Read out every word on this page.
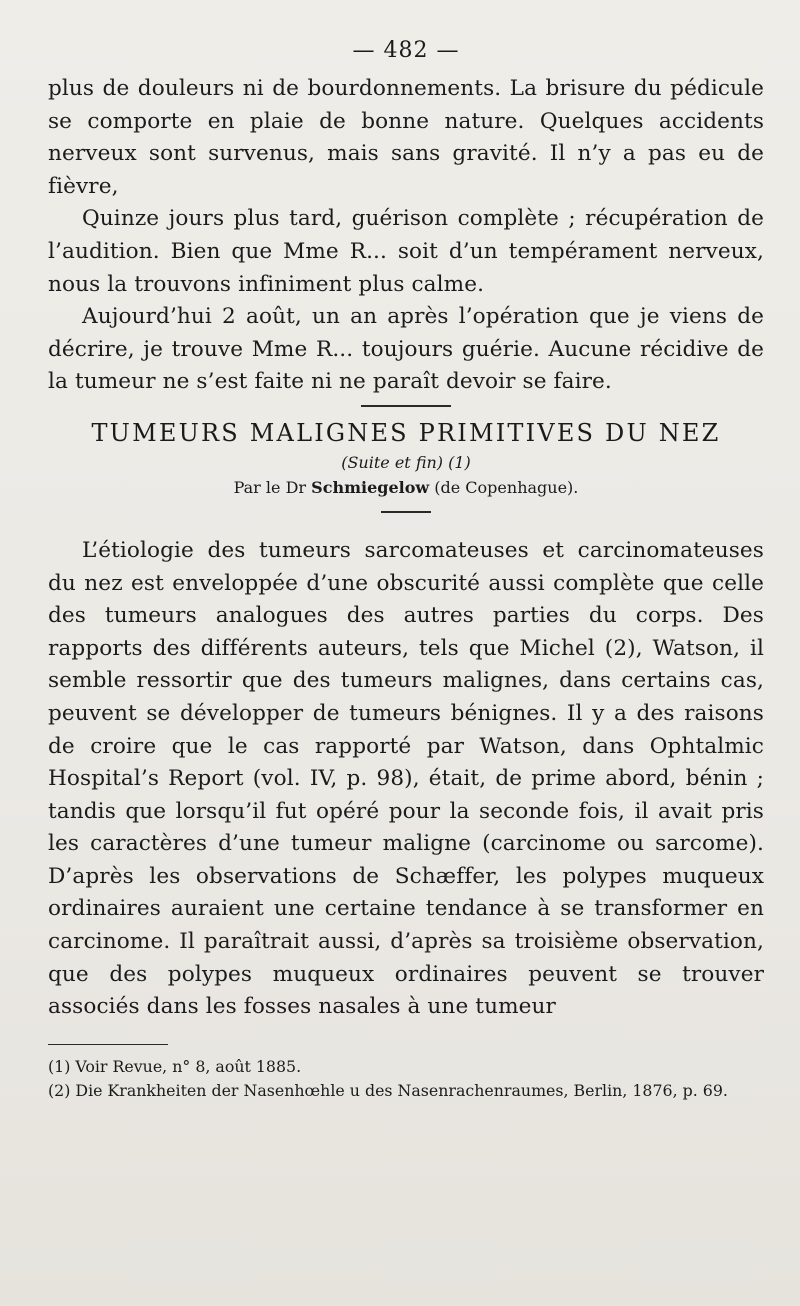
— 482 —

plus de douleurs ni de bourdonnements. La brisure du pédicule se comporte en plaie de bonne nature. Quelques accidents nerveux sont survenus, mais sans gravité. Il n’y a pas eu de fièvre,

Quinze jours plus tard, guérison complète ; récupération de l’audition. Bien que Mme R... soit d’un tempérament nerveux, nous la trouvons infiniment plus calme.

Aujourd’hui 2 août, un an après l’opération que je viens de décrire, je trouve Mme R... toujours guérie. Aucune récidive de la tumeur ne s’est faite ni ne paraît devoir se faire.

TUMEURS MALIGNES PRIMITIVES DU NEZ
(Suite et fin) (1)
Par le Dr Schmiegelow (de Copenhague).

L’étiologie des tumeurs sarcomateuses et carcinomateuses du nez est enveloppée d’une obscurité aussi complète que celle des tumeurs analogues des autres parties du corps. Des rapports des différents auteurs, tels que Michel (2), Watson, il semble ressortir que des tumeurs malignes, dans certains cas, peuvent se développer de tumeurs bénignes. Il y a des raisons de croire que le cas rapporté par Watson, dans Ophtalmic Hospital’s Report (vol. IV, p. 98), était, de prime abord, bénin ; tandis que lorsqu’il fut opéré pour la seconde fois, il avait pris les caractères d’une tumeur maligne (carcinome ou sarcome). D’après les observations de Schæffer, les polypes muqueux ordinaires auraient une certaine tendance à se transformer en carcinome. Il paraîtrait aussi, d’après sa troisième observation, que des polypes muqueux ordinaires peuvent se trouver associés dans les fosses nasales à une tumeur

(1) Voir Revue, n° 8, août 1885.

(2) Die Krankheiten der Nasenhœhle u des Nasenrachenraumes, Berlin, 1876, p. 69.
